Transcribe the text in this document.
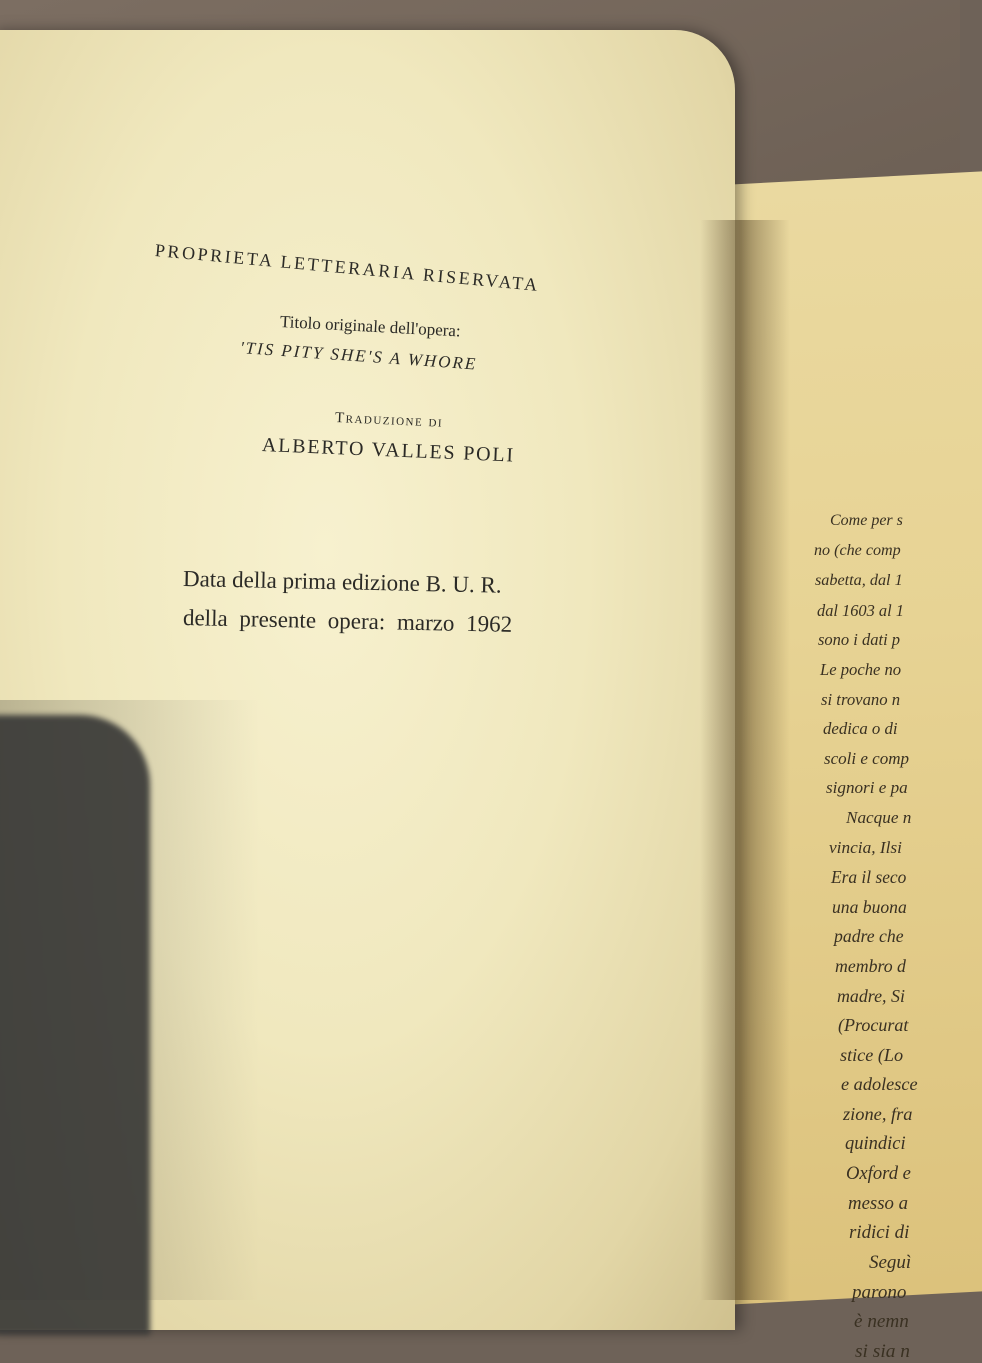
PROPRIETA LETTERARIA RISERVATA
Titolo originale dell'opera:
'TIS PITY SHE'S A WHORE
Traduzione di
ALBERTO VALLES POLI
Data della prima edizione B. U. R.
della presente opera: marzo 1962
Come per s
no (che comp
sabetta, dal 1
dal 1603 al 1
sono i dati p
Le poche no
si trovano n
dedica o di
scoli e comp
signori e pa
Nacque n
vincia, Ilsi
Era il seco
una buona
padre che
membro d
madre, Si
(Procurat
stice (Lo
e adolesce
zione, fra
quindici
Oxford e
messo a
ridici di
Seguì
parono
è nemn
si sia n
